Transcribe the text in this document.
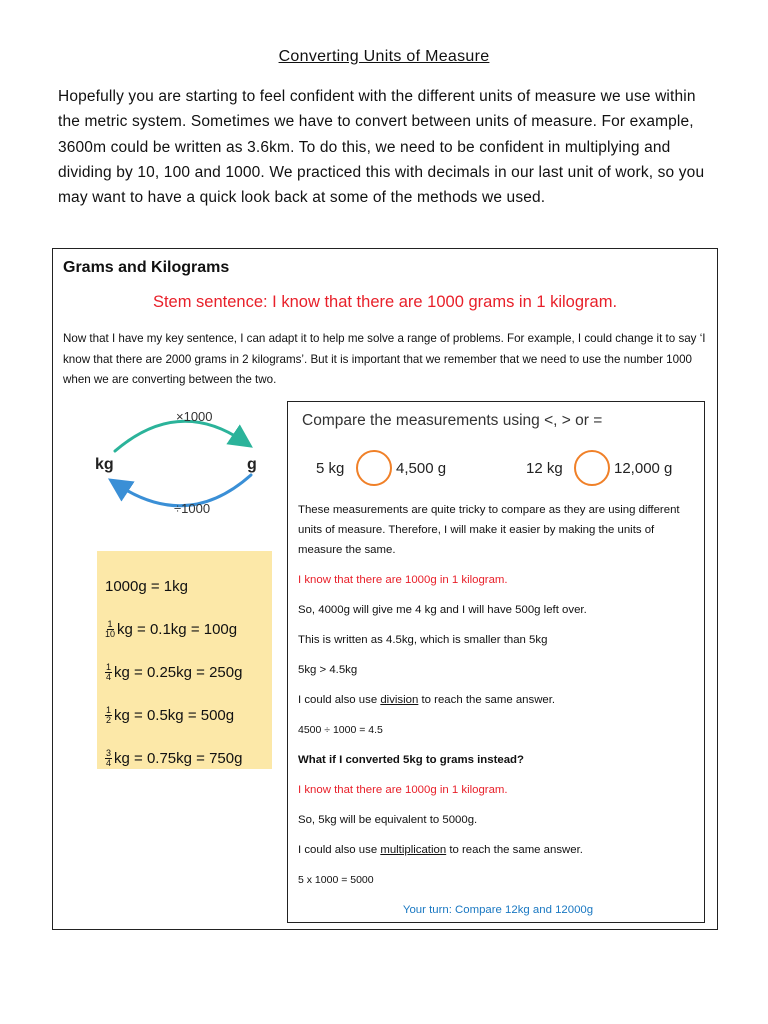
Converting Units of Measure
Hopefully you are starting to feel confident with the different units of measure we use within the metric system. Sometimes we have to convert between units of measure. For example, 3600m could be written as 3.6km. To do this, we need to be confident in multiplying and dividing by 10, 100 and 1000. We practiced this with decimals in our last unit of work, so you may want to have a quick look back at some of the methods we used.
Grams and Kilograms
Stem sentence: I know that there are 1000 grams in 1 kilogram.
Now that I have my key sentence, I can adapt it to help me solve a range of problems. For example, I could change it to say ‘I know that there are 2000 grams in 2 kilograms’. But it is important that we remember that we need to use the number 1000 when we are converting between the two.
×1000
kg	g
÷1000
1000g = 1kg
$\frac{1}{10}$ kg = 0.1kg = 100g
$\frac{1}{4}$ kg = 0.25kg = 250g
$\frac{1}{2}$ kg = 0.5kg = 500g
$\frac{3}{4}$ kg = 0.75kg = 750g
Compare the measurements using <, > or =
5 kg	4,500 g	12 kg	12,000 g
These measurements are quite tricky to compare as they are using different units of measure. Therefore, I will make it easier by making the units of measure the same.
I know that there are 1000g in 1 kilogram.
So, 4000g will give me 4 kg and I will have 500g left over.
This is written as 4.5kg, which is smaller than 5kg
5kg > 4.5kg
I could also use division to reach the same answer.
4500 ÷ 1000 = 4.5
What if I converted 5kg to grams instead?
I know that there are 1000g in 1 kilogram.
So, 5kg will be equivalent to 5000g.
I could also use multiplication to reach the same answer.
5 x 1000 = 5000
Your turn: Compare 12kg and 12000g
